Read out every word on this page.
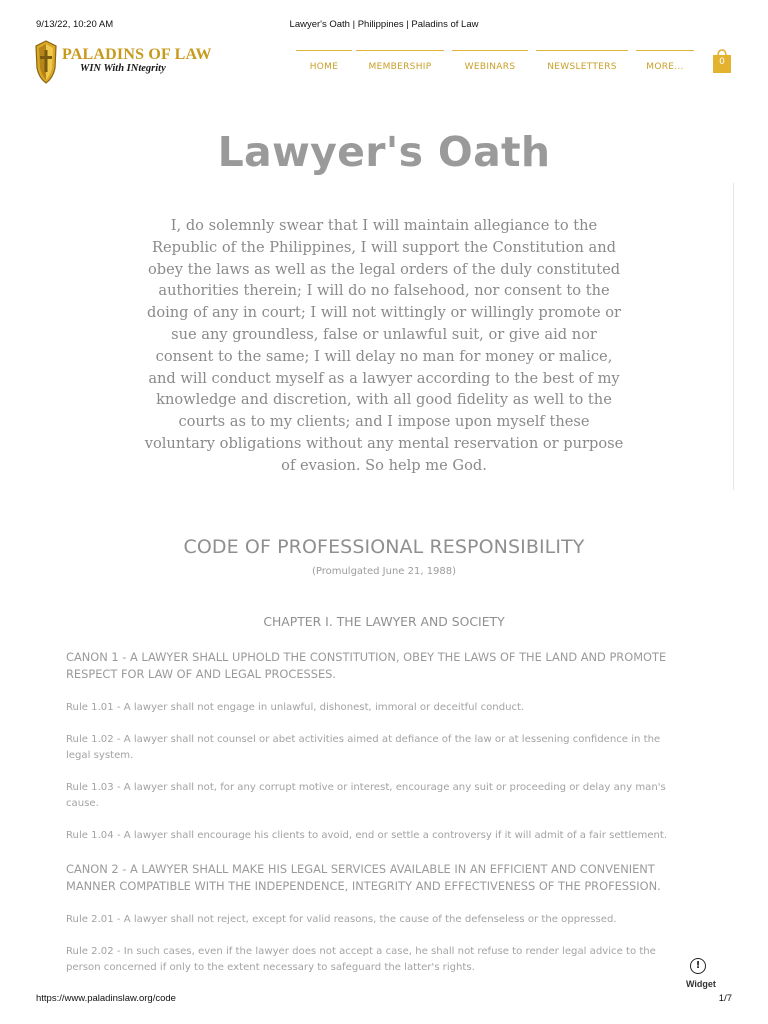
9/13/22, 10:20 AM	Lawyer's Oath | Philippines | Paladins of Law
PALADINS OF LAW
WIN With INtegrity	HOME	MEMBERSHIP	WEBINARS	NEWSLETTERS	MORE...	0
Lawyer's Oath
I, do solemnly swear that I will maintain allegiance to the
Republic of the Philippines, I will support the Constitution and
obey the laws as well as the legal orders of the duly constituted
authorities therein; I will do no falsehood, nor consent to the
doing of any in court; I will not wittingly or willingly promote or
sue any groundless, false or unlawful suit, or give aid nor
consent to the same; I will delay no man for money or malice,
and will conduct myself as a lawyer according to the best of my
knowledge and discretion, with all good fidelity as well to the
courts as to my clients; and I impose upon myself these
voluntary obligations without any mental reservation or purpose
of evasion. So help me God.
CODE OF PROFESSIONAL RESPONSIBILITY
(Promulgated June 21, 1988)
CHAPTER I. THE LAWYER AND SOCIETY
CANON 1 - A LAWYER SHALL UPHOLD THE CONSTITUTION, OBEY THE LAWS OF THE LAND AND PROMOTE
RESPECT FOR LAW OF AND LEGAL PROCESSES.
Rule 1.01 - A lawyer shall not engage in unlawful, dishonest, immoral or deceitful conduct.
Rule 1.02 - A lawyer shall not counsel or abet activities aimed at defiance of the law or at lessening confidence in the
legal system.
Rule 1.03 - A lawyer shall not, for any corrupt motive or interest, encourage any suit or proceeding or delay any man's
cause.
Rule 1.04 - A lawyer shall encourage his clients to avoid, end or settle a controversy if it will admit of a fair settlement.
CANON 2 - A LAWYER SHALL MAKE HIS LEGAL SERVICES AVAILABLE IN AN EFFICIENT AND CONVENIENT
MANNER COMPATIBLE WITH THE INDEPENDENCE, INTEGRITY AND EFFECTIVENESS OF THE PROFESSION.
Rule 2.01 - A lawyer shall not reject, except for valid reasons, the cause of the defenseless or the oppressed.
Rule 2.02 - In such cases, even if the lawyer does not accept a case, he shall not refuse to render legal advice to the
person concerned if only to the extent necessary to safeguard the latter's rights.	!
Widget
https://www.paladinslaw.org/code	1/7
